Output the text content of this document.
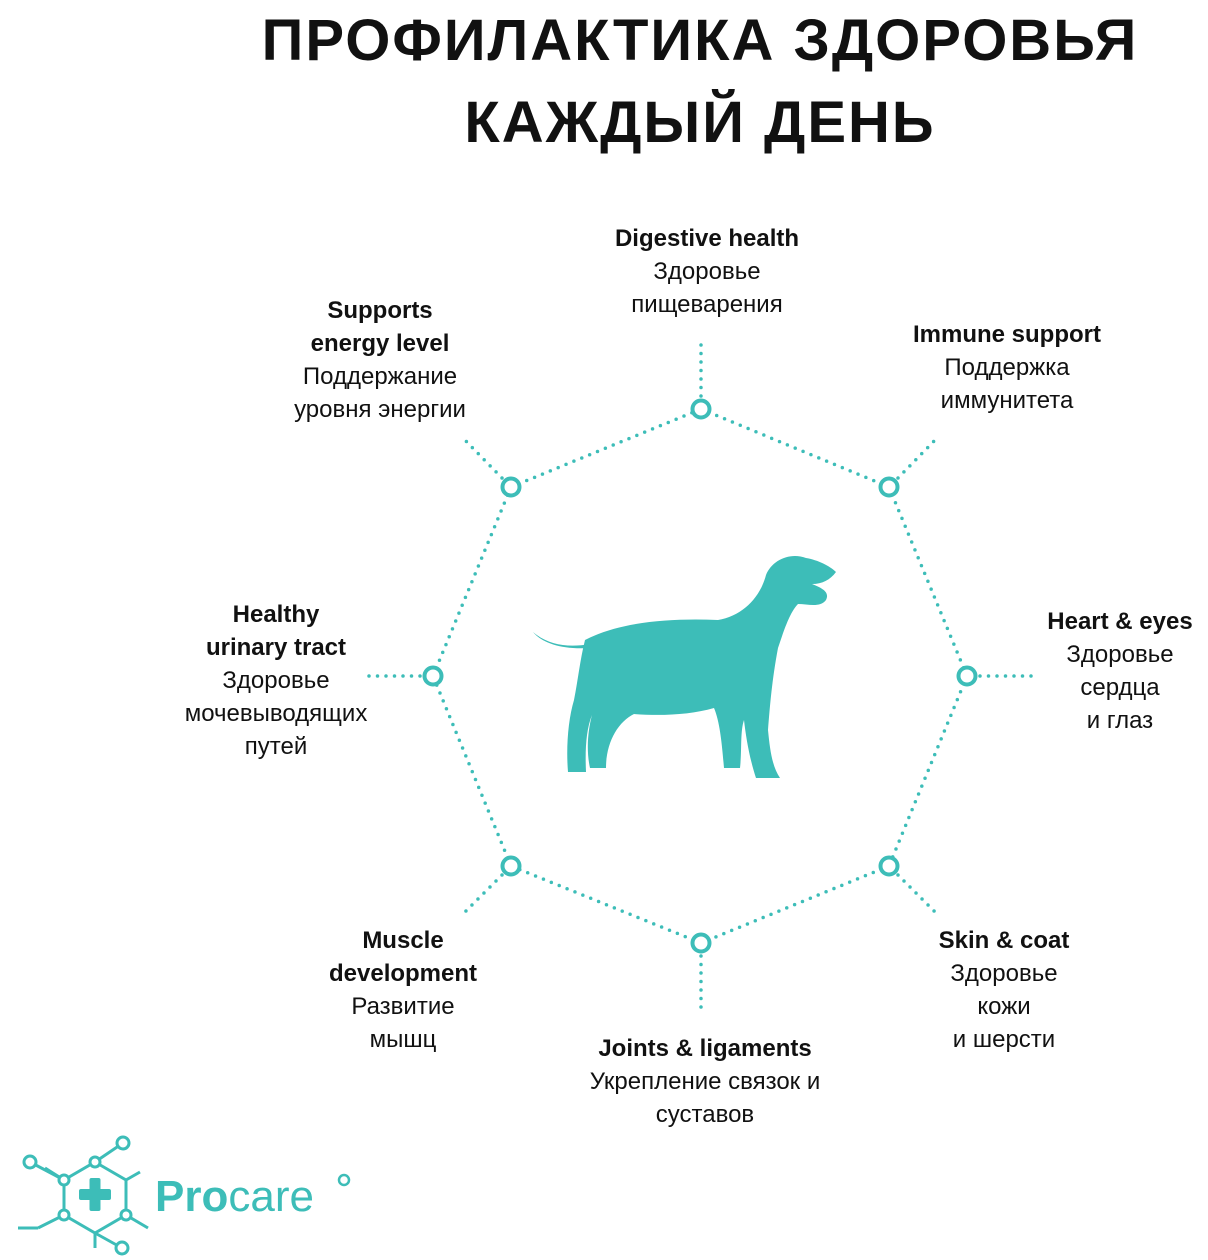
ПРОФИЛАКТИКА ЗДОРОВЬЯ
КАЖДЫЙ ДЕНЬ
Digestive health
Здоровье
пищеварения
Immune support
Поддержка
иммунитета
Supports
energy level
Поддержание
уровня энергии
Healthy
urinary tract
Здоровье
мочевыводящих
путей
Heart & eyes
Здоровье
сердца
и глаз
Muscle
development
Развитие
мышц	Joints & ligaments
Укрепление связок и
суставов
Skin & coat
Здоровье
кожи
и шерсти
Procare
